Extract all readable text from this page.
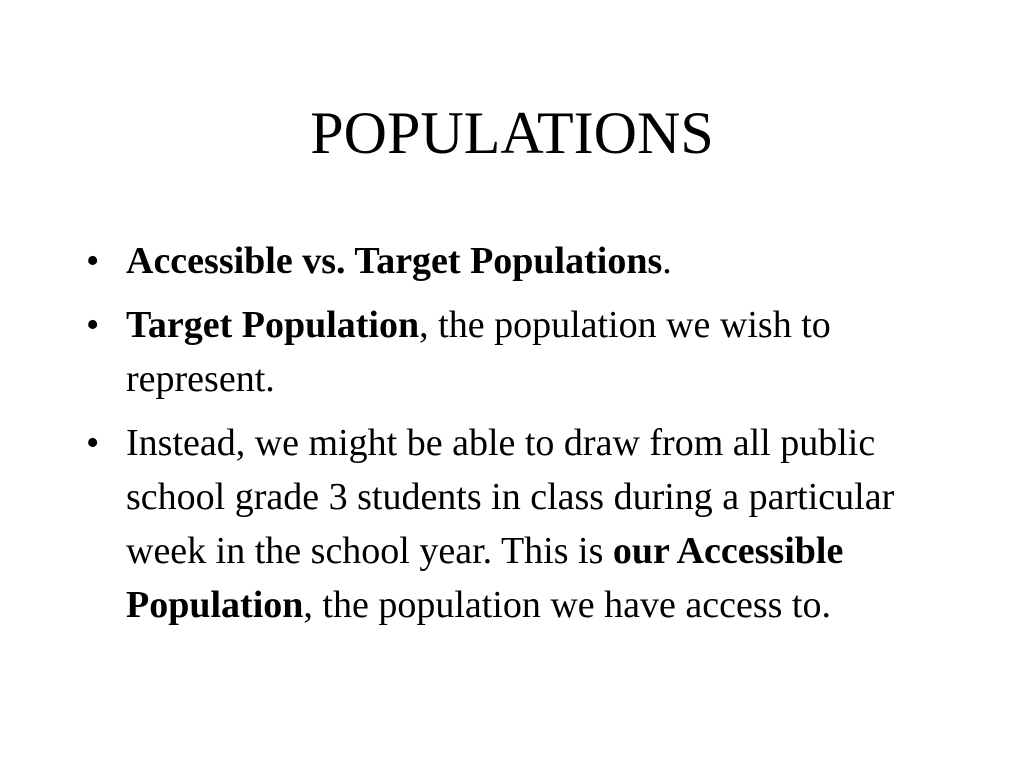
POPULATIONS
• Accessible vs. Target Populations.
• Target Population, the population we wish to represent.
• Instead, we might be able to draw from all public school grade 3 students in class during a particular week in the school year. This is our Accessible Population, the population we have access to.
